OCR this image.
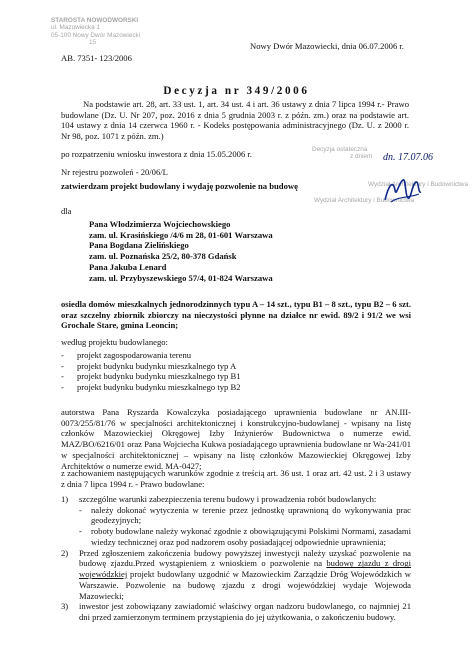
STAROSTA NOWODWORSKI
ul. Mazowiecka 1
05-100 Nowy Dwór Mazowiecki
15
AB. 7351- 123/2006
Nowy Dwór Mazowiecki, dnia 06.07.2006 r.
Decyzja nr 349/2006
Na podstawie art. 28, art. 33 ust. 1, art. 34 ust. 4 i art. 36 ustawy z dnia 7 lipca 1994 r.- Prawo budowlane (Dz. U. Nr 207, poz. 2016 z dnia 5 grudnia 2003 r. z późn. zm.) oraz na podstawie art. 104 ustawy z dnia 14 czerwca 1960 r. - Kodeks postępowania administracyjnego (Dz. U. z 2000 r. Nr 98, poz. 1071 z późn. zm.)
po rozpatrzeniu wniosku inwestora z dnia 15.05.2006 r.
Nr rejestru pozwoleń - 20/06/L
zatwierdzam projekt budowlany i wydaję pozwolenie na budowę
Decyzja ostateczna
z dniem	dn. 17.07.06
Wydział Architektury i Budownictwa
Wydział Architektury i Budownictwa
dla
Pana Włodzimierza Wojciechowskiego
zam. ul. Krasińskiego /4/6 m 28, 01-601 Warszawa
Pana Bogdana Zielińskiego
zam. ul. Poznańska 25/2, 80-378 Gdańsk
Pana Jakuba Lenard
zam. ul. Przybyszewskiego 57/4, 01-824 Warszawa
osiedla domów mieszkalnych jednorodzinnych typu A – 14 szt., typu B1 – 8 szt., typu B2 – 6 szt. oraz szczelny zbiornik zbiorczy na nieczystości płynne na działce nr ewid. 89/2 i 91/2 we wsi Grochale Stare, gmina Leoncin;
według projektu budowlanego:
- projekt zagospodarowania terenu
- projekt budynku budynku mieszkalnego typ A
- projekt budynku budynku mieszkalnego typ B1
- projekt budynku budynku mieszkalnego typ B2
autorstwa Pana Ryszarda Kowalczyka posiadającego uprawnienia budowlane nr AN.III-0073/255/81/76 w specjalności architektonicznej i konstrukcyjno-budowlanej - wpisany na listę członków Mazowieckiej Okręgowej Izby Inżynierów Budownictwa o numerze ewid. MAZ/BO/6216/01 oraz Pana Wojciecha Kukwa posiadającego uprawnienia budowlane nr Wa-241/01 w specjalności architektonicznej – wpisany na listę członków Mazowieckiej Okręgowej Izby Architektów o numerze ewid. MA-0427;
z zachowaniem następujących warunków zgodnie z treścią art. 36 ust. 1 oraz art. 42 ust. 2 i 3 ustawy z dnia 7 lipca 1994 r. - Prawo budowlane:
1) szczególne warunki zabezpieczenia terenu budowy i prowadzenia robót budowlanych:
- należy dokonać wytyczenia w terenie przez jednostkę uprawnioną do wykonywania prac geodezyjnych;
- roboty budowlane należy wykonać zgodnie z obowiązującymi Polskimi Normami, zasadami wiedzy technicznej oraz pod nadzorem osoby posiadającej odpowiednie uprawnienia;
2) Przed zgłoszeniem zakończenia budowy powyższej inwestycji należy uzyskać pozwolenie na budowę zjazdu.Przed wystąpieniem z wnioskiem o pozwolenie na budowę zjazdu z drogi wojewódzkiej projekt budowlany uzgodnić w Mazowieckim Zarządzie Dróg Wojewódzkich w Warszawie. Pozwolenie na budowę zjazdu z drogi wojewódzkiej wydaje Wojewoda Mazowiecki;
3) inwestor jest zobowiązany zawiadomić właściwy organ nadzoru budowlanego, co najmniej 21 dni przed zamierzonym terminem przystąpienia do jej użytkowania, o zakończeniu budowy.
